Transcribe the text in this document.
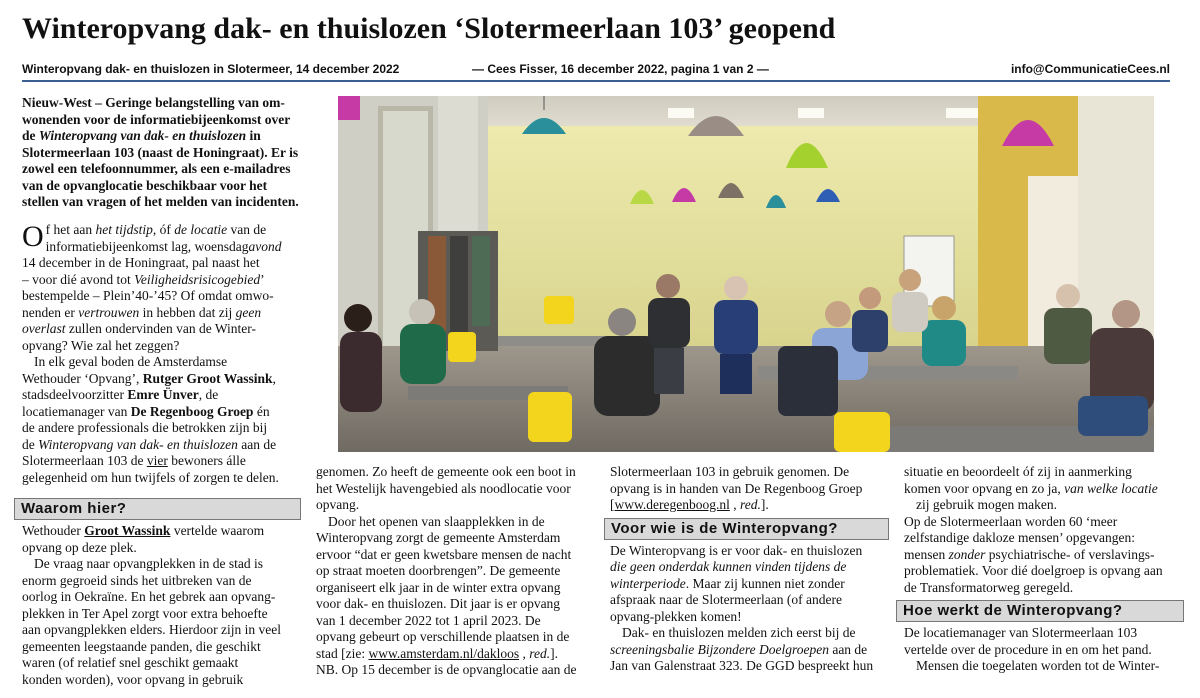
Winteropvang dak- en thuislozen ‘Slotermeerlaan 103’ geopend
Winteropvang dak- en thuislozen in Slotermeer, 14 december 2022	— Cees Fisser, 16 december 2022, pagina 1 van 2 —	info@CommunicatieCees.nl

Nieuw-West – Geringe belangstelling van om-

wonenden voor de informatiebijeenkomst over

de Winteropvang van dak- en thuislozen in

Slotermeerlaan 103 (naast de Honingraat). Er is

zowel een telefoonnummer, als een e-mailadres

van de opvanglocatie beschikbaar voor het

stellen van vragen of het melden van incidenten.

Of het aan het tijdstip, óf de locatie van de

informatiebijeenkomst lag, woensdagavond

14 december in de Honingraat, pal naast het

– voor dié avond tot Veiligheidsrisicogebied’

bestempelde – Plein’40-’45? Of omdat omwo-

nenden er vertrouwen in hebben dat zij geen

overlast zullen ondervinden van de Winter-

opvang? Wie zal het zeggen?

In elk geval boden de Amsterdamse

Wethouder ‘Opvang’, Rutger Groot Wassink,

stadsdeelvoorzitter Emre Ünver, de

locatiemanager van De Regenboog Groep én

de andere professionals die betrokken zijn bij

de Winteropvang van dak- en thuislozen aan de

Slotermeerlaan 103 de vier bewoners álle

gelegenheid om hun twijfels of zorgen te delen.

Waarom hier?

Wethouder Groot Wassink vertelde waarom

opvang op deze plek.

De vraag naar opvangplekken in de stad is

enorm gegroeid sinds het uitbreken van de

oorlog in Oekraïne. En het gebrek aan opvang-

plekken in Ter Apel zorgt voor extra behoefte

aan opvangplekken elders. Hierdoor zijn in veel

gemeenten leegstaande panden, die geschikt

waren (of relatief snel geschikt gemaakt

konden worden), voor opvang in gebruik

genomen. Zo heeft de gemeente ook een boot in

het Westelijk havengebied als noodlocatie voor

opvang.

Door het openen van slaapplekken in de

Winteropvang zorgt de gemeente Amsterdam

ervoor “dat er geen kwetsbare mensen de nacht

op straat moeten doorbrengen”. De gemeente

organiseert elk jaar in de winter extra opvang

voor dak- en thuislozen. Dit jaar is er opvang

van 1 december 2022 tot 1 april 2023. De

opvang gebeurt op verschillende plaatsen in de

stad [zie: www.amsterdam.nl/dakloos , red.].

NB. Op 15 december is de opvanglocatie aan de

Slotermeerlaan 103 in gebruik genomen. De

opvang is in handen van De Regenboog Groep

[www.deregenboog.nl , red.].

Voor wie is de Winteropvang?

De Winteropvang is er voor dak- en thuislozen

die geen onderdak kunnen vinden tijdens de

winterperiode. Maar zij kunnen niet zonder

afspraak naar de Slotermeerlaan (of andere

opvang-plekken komen!

Dak- en thuislozen melden zich eerst bij de

screeningsbalie Bijzondere Doelgroepen aan de

Jan van Galenstraat 323. De GGD bespreekt hun

situatie en beoordeelt óf zij in aanmerking

komen voor opvang en zo ja, van welke locatie

zij gebruik mogen maken.

Op de Slotermeerlaan worden 60 ‘meer

zelfstandige dakloze mensen’ opgevangen:

mensen zonder psychiatrische- of verslavings-

problematiek. Voor dié doelgroep is opvang aan

de Transformatorweg geregeld.

Hoe werkt de Winteropvang?

De locatiemanager van Slotermeerlaan 103

vertelde over de procedure in en om het pand.

Mensen die toegelaten worden tot de Winter-
